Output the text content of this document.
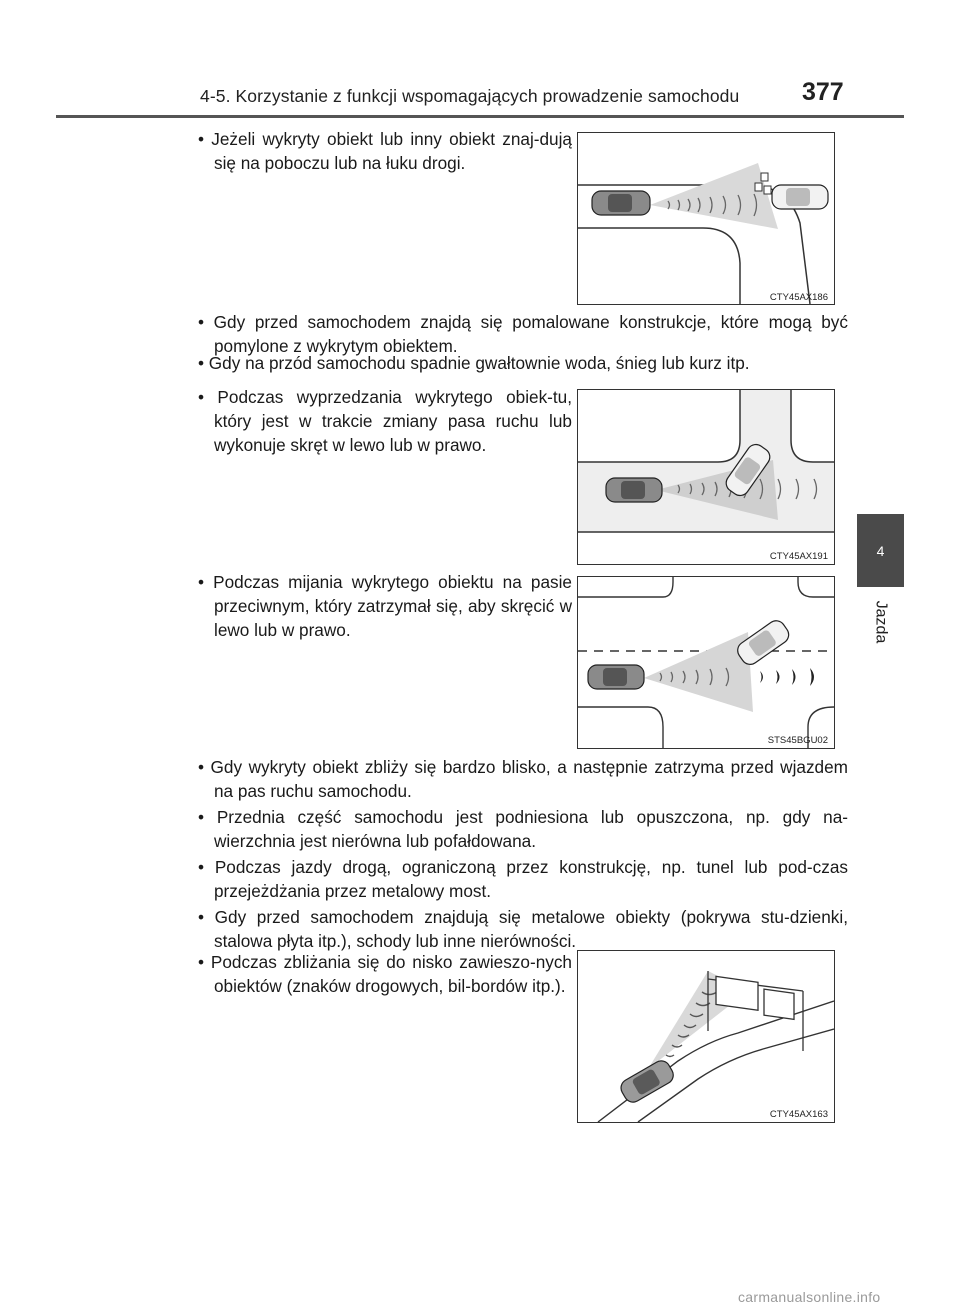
4-5. Korzystanie z funkcji wspomagających prowadzenie samochodu	377
4
Jazda
• Jeżeli wykryty obiekt lub inny obiekt znaj-dują się na poboczu lub na łuku drogi.
• Gdy przed samochodem znajdą się pomalowane konstrukcje, które mogą być pomylone z wykrytym obiektem.
• Gdy na przód samochodu spadnie gwałtownie woda, śnieg lub kurz itp.
• Podczas wyprzedzania wykrytego obiek-tu, który jest w trakcie zmiany pasa ruchu lub wykonuje skręt w lewo lub w prawo.
• Podczas mijania wykrytego obiektu na pasie przeciwnym, który zatrzymał się, aby skręcić w lewo lub w prawo.
• Gdy wykryty obiekt zbliży się bardzo blisko, a następnie zatrzyma przed wjazdem na pas ruchu samochodu.
• Przednia część samochodu jest podniesiona lub opuszczona, np. gdy na-wierzchnia jest nierówna lub pofałdowana.
• Podczas jazdy drogą, ograniczoną przez konstrukcję, np. tunel lub pod-czas przejeżdżania przez metalowy most.
• Gdy przed samochodem znajdują się metalowe obiekty (pokrywa stu-dzienki, stalowa płyta itp.), schody lub inne nierówności.
• Podczas zbliżania się do nisko zawieszo-nych obiektów (znaków drogowych, bil-bordów itp.).
CTY45AX186
CTY45AX191
STS45BGU02
CTY45AX163
carmanualsonline.info
